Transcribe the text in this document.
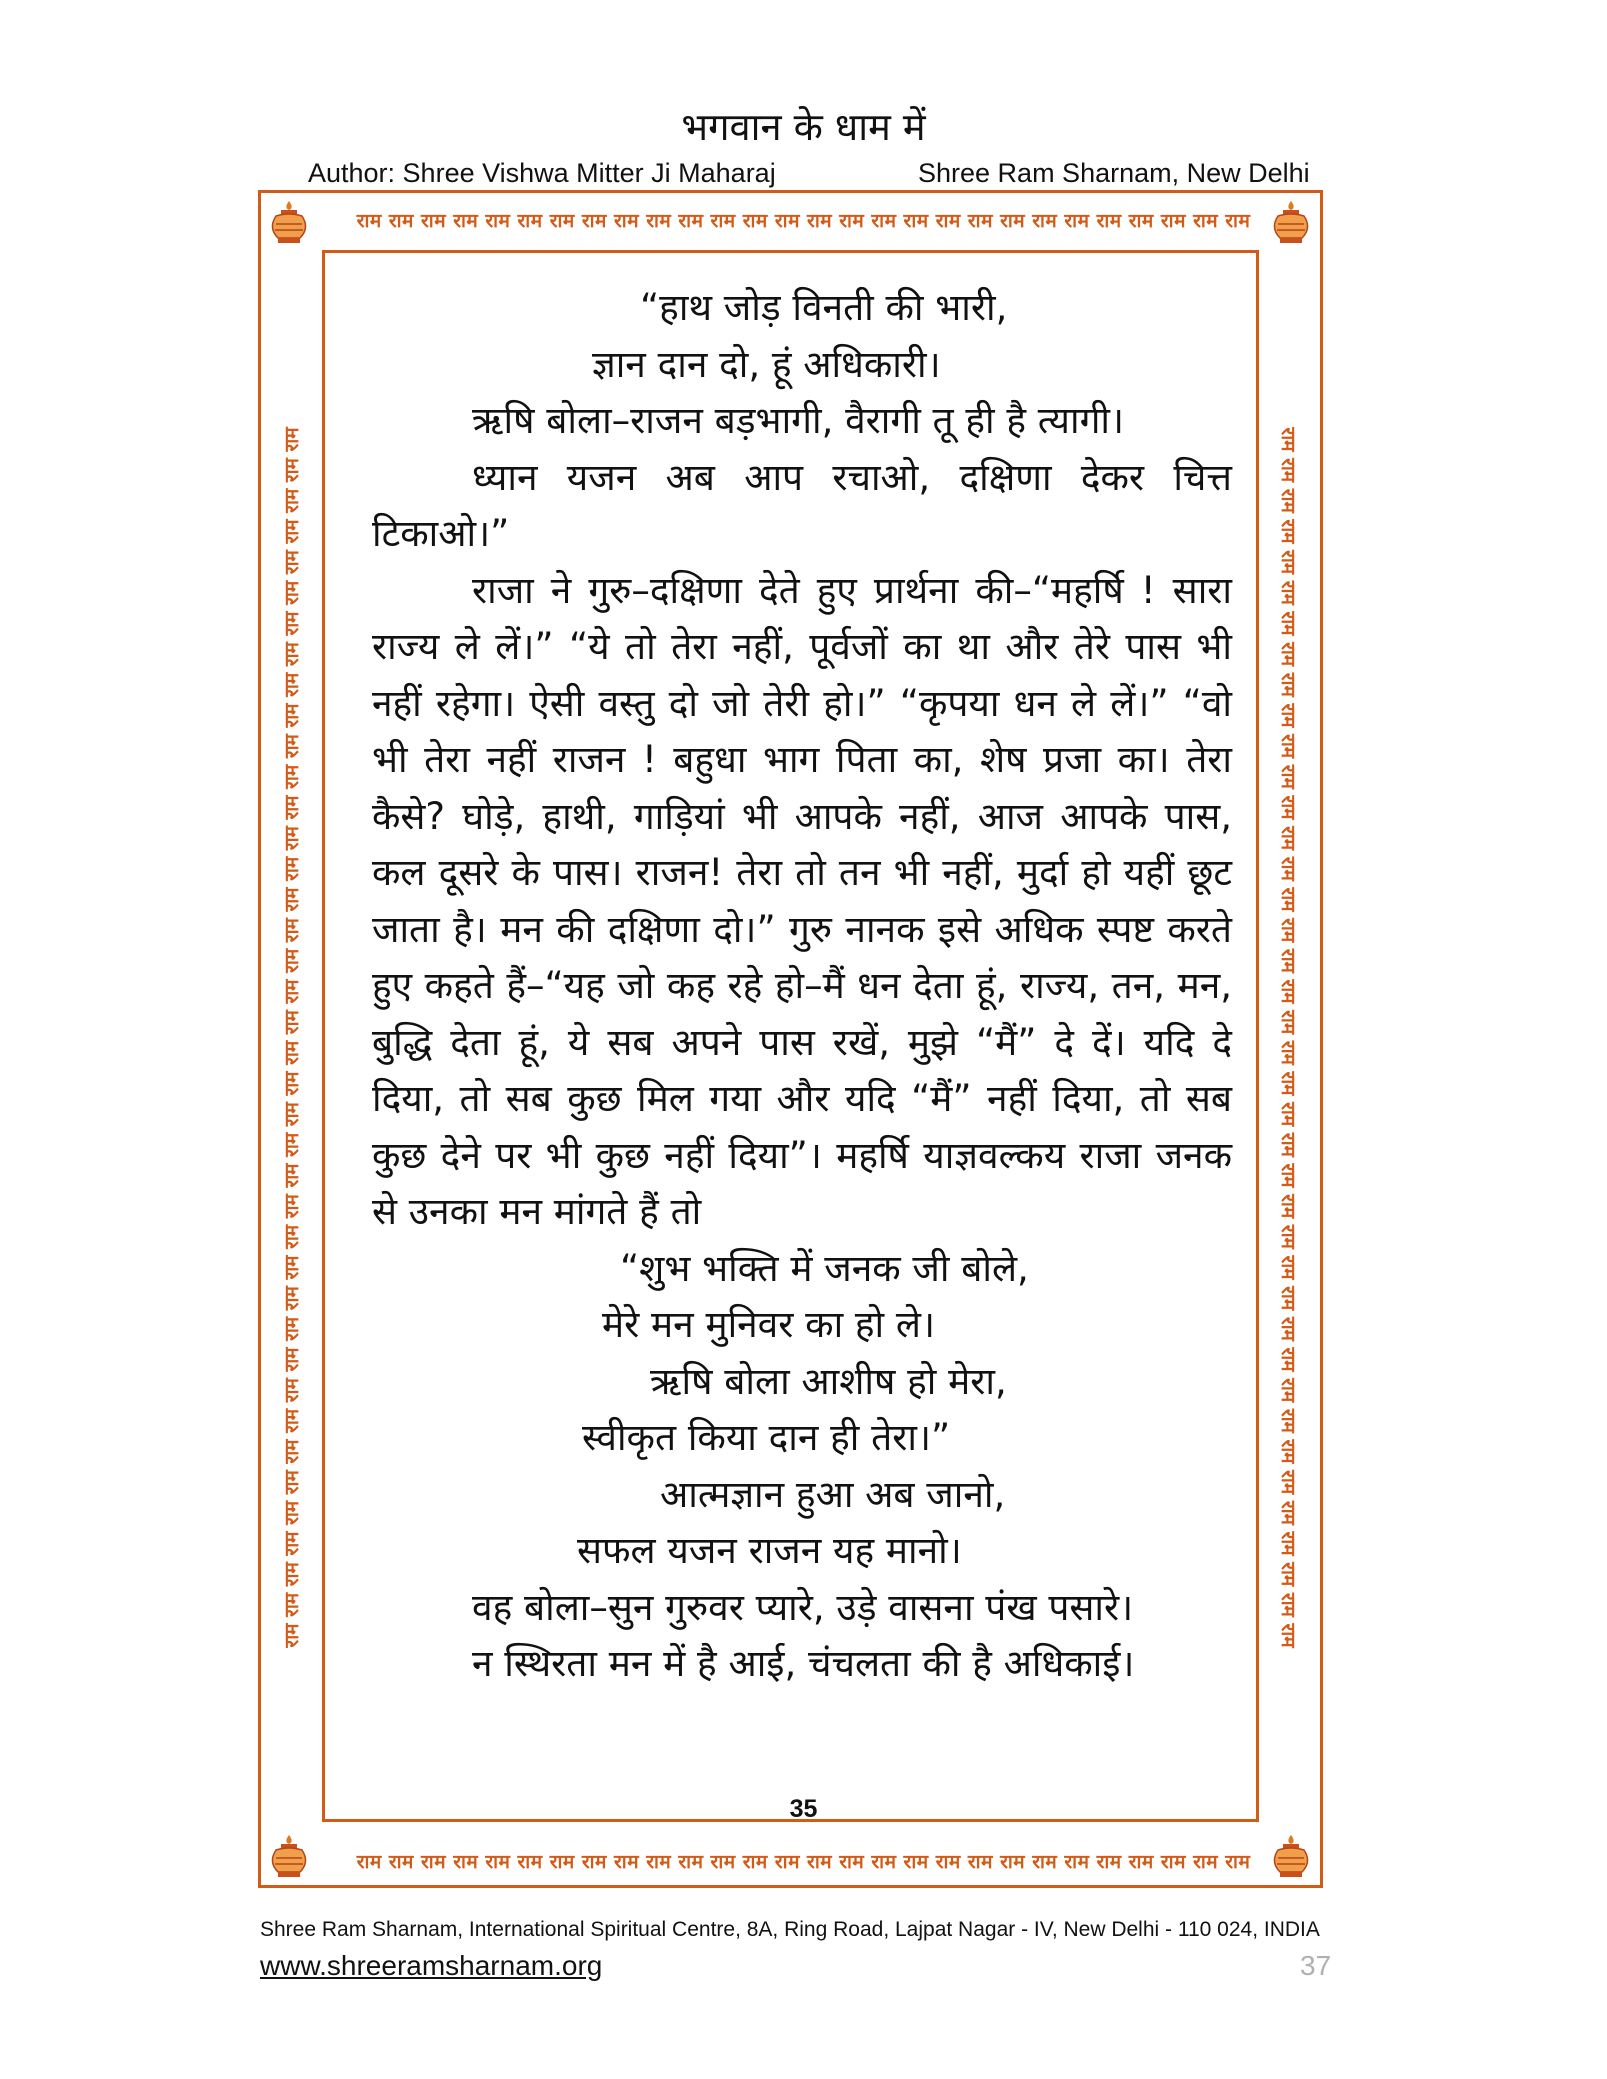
भगवान के धाम में
Author: Shree Vishwa Mitter Ji Maharaj	Shree Ram Sharnam, New Delhi
राम राम राम राम राम राम राम राम राम राम राम राम राम राम राम राम राम राम राम राम राम राम राम राम राम राम राम राम
राम राम राम राम राम राम राम राम राम राम राम राम राम राम राम राम राम राम राम राम राम राम राम राम राम राम राम राम
राम राम राम राम राम राम राम राम राम राम राम राम राम राम राम राम राम राम राम राम राम राम राम राम राम राम राम राम राम राम राम राम राम राम राम राम राम राम राम राम	राम राम राम राम राम राम राम राम राम राम राम राम राम राम राम राम राम राम राम राम राम राम राम राम राम राम राम राम राम राम राम राम राम राम राम राम राम राम राम राम

“हाथ जोड़ विनती की भारी,

ज्ञान दान दो, हूं अधिकारी।

ऋषि बोला–राजन बड़भागी, वैरागी तू ही है त्यागी।

ध्यान यजन अब आप रचाओ, दक्षिणा देकर चित्त

टिकाओ।”

राजा ने गुरु–दक्षिणा देते हुए प्रार्थना की–“महर्षि ! सारा राज्य ले लें।” “ये तो तेरा नहीं, पूर्वजों का था और तेरे पास भी नहीं रहेगा। ऐसी वस्तु दो जो तेरी हो।” “कृपया धन ले लें।” “वो भी तेरा नहीं राजन ! बहुधा भाग पिता का, शेष प्रजा का। तेरा कैसे? घोड़े, हाथी, गाड़ियां भी आपके नहीं, आज आपके पास, कल दूसरे के पास। राजन! तेरा तो तन भी नहीं, मुर्दा हो यहीं छूट जाता है। मन की दक्षिणा दो।” गुरु नानक इसे अधिक स्पष्ट करते हुए कहते हैं–“यह जो कह रहे हो–मैं धन देता हूं, राज्य, तन, मन, बुद्धि देता हूं, ये सब अपने पास रखें, मुझे “मैं” दे दें। यदि दे दिया, तो सब कुछ मिल गया और यदि “मैं” नहीं दिया, तो सब कुछ देने पर भी कुछ नहीं दिया”। महर्षि याज्ञवल्कय राजा जनक से उनका मन मांगते हैं तो

“शुभ भक्ति में जनक जी बोले,

मेरे मन मुनिवर का हो ले।

ऋषि बोला आशीष हो मेरा,

स्वीकृत किया दान ही तेरा।”

आत्मज्ञान हुआ अब जानो,

सफल यजन राजन यह मानो।

वह बोला–सुन गुरुवर प्यारे, उड़े वासना पंख पसारे।

न स्थिरता मन में है आई, चंचलता की है अधिकाई।

35
Shree Ram Sharnam, International Spiritual Centre, 8A, Ring Road, Lajpat Nagar - IV, New Delhi - 110 024, INDIA
www.shreeramsharnam.org	37
